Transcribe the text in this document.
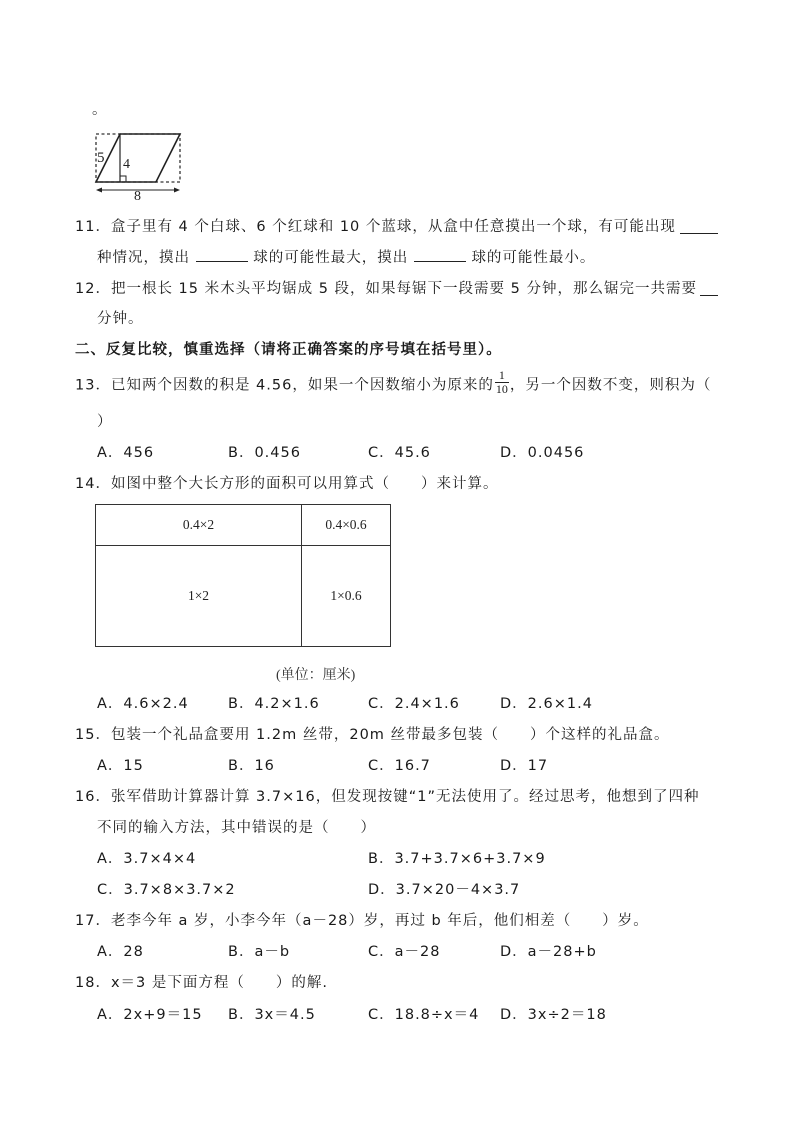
。
5 4
8
11．盒子里有 4 个白球、6 个红球和 10 个蓝球，从盒中任意摸出一个球，有可能出现
种情况，摸出	球的可能性最大，摸出	球的可能性最小。
12．把一根长 15 米木头平均锯成 5 段，如果每锯下一段需要 5 分钟，那么锯完一共需要
分钟。
二、反复比较，慎重选择（请将正确答案的序号填在括号里）。
13．已知两个因数的积是 4.56，如果一个因数缩小为原来的 $\frac{1}{10}$ ，另一个因数不变，则积为（
）
A．456	B．0.456	C．45.6	D．0.0456
14．如图中整个大长方形的面积可以用算式（　　）来计算。
0.4×2	0.4×0.6
1×2	1×0.6
(单位：厘米)
A．4.6×2.4	B．4.2×1.6	C．2.4×1.6	D．2.6×1.4
15．包装一个礼品盒要用 1.2m 丝带，20m 丝带最多包装（　　）个这样的礼品盒。
A．15	B．16	C．16.7	D．17
16．张军借助计算器计算 3.7×16，但发现按键“1”无法使用了。经过思考，他想到了四种
不同的输入方法，其中错误的是（　　）
A．3.7×4×4	B．3.7+3.7×6+3.7×9
C．3.7×8×3.7×2	D．3.7×20－4×3.7
17．老李今年 a 岁，小李今年（a－28）岁，再过 b 年后，他们相差（　　）岁。
A．28	B．a－b	C．a－28	D．a－28+b
18．x＝3 是下面方程（　　）的解.
A．2x+9＝15 B．3x＝4.5	C．18.8÷x＝4 D．3x÷2＝18
